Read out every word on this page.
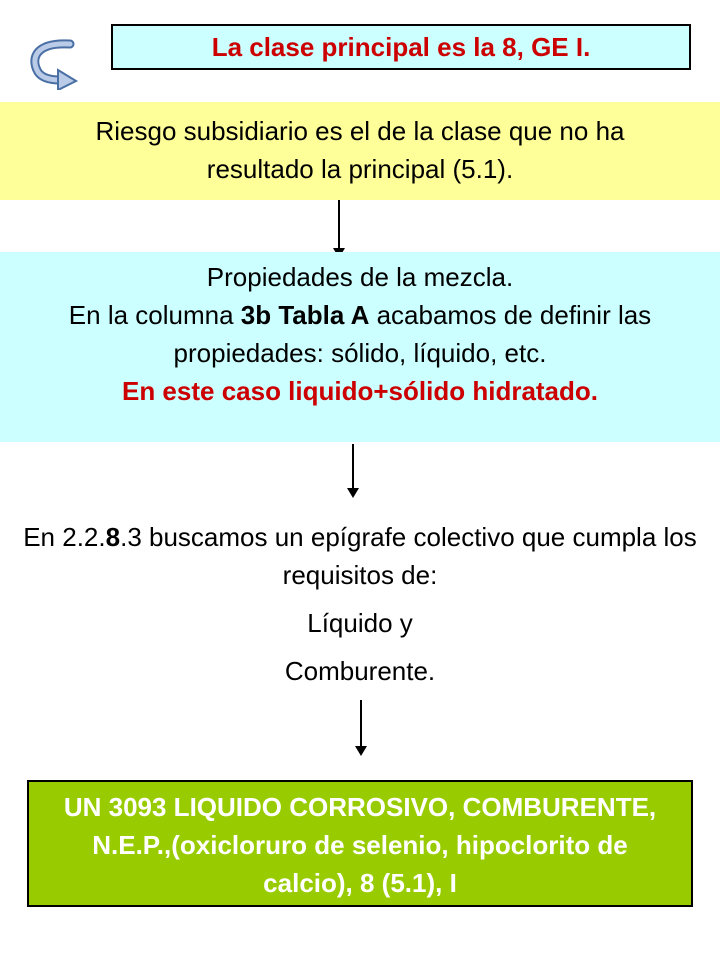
La clase principal es la 8, GE I.
Riesgo subsidiario es el de la clase que no ha resultado la principal (5.1).
Propiedades de la mezcla.
En la columna 3b Tabla A acabamos de definir las propiedades: sólido, líquido, etc.
En este caso liquido+sólido hidratado.
En 2.2.8.3 buscamos un epígrafe colectivo que cumpla los requisitos de:
Líquido y
Comburente.
UN 3093 LIQUIDO CORROSIVO, COMBURENTE, N.E.P.,(oxicloruro de selenio, hipoclorito de calcio), 8 (5.1), I
